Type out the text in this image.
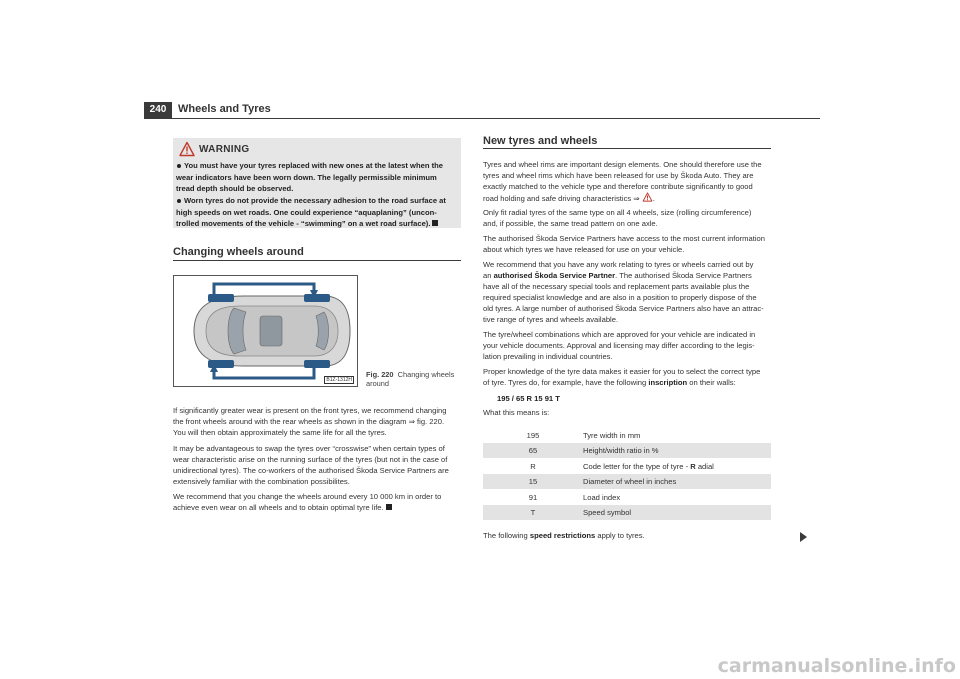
240	Wheels and Tyres
WARNING
You must have your tyres replaced with new ones at the latest when the
wear indicators have been worn down. The legally permissible minimum
tread depth should be observed.
Worn tyres do not provide the necessary adhesion to the road surface at
high speeds on wet roads. One could experience “aquaplaning” (uncon-
trolled movements of the vehicle - “swimming” on a wet road surface).
Changing wheels around
B1Z-1312H
Fig. 220 Changing wheels
around
If significantly greater wear is present on the front tyres, we recommend changing
the front wheels around with the rear wheels as shown in the diagram ⇒ fig. 220.
You will then obtain approximately the same life for all the tyres.
It may be advantageous to swap the tyres over “crosswise” when certain types of
wear characteristic arise on the running surface of the tyres (but not in the case of
unidirectional tyres). The co-workers of the authorised Škoda Service Partners are
extensively familiar with the combination possibilites.
We recommend that you change the wheels around every 10 000 km in order to
achieve even wear on all wheels and to obtain optimal tyre life.
New tyres and wheels
Tyres and wheel rims are important design elements. One should therefore use the
tyres and wheel rims which have been released for use by Škoda Auto. They are
exactly matched to the vehicle type and therefore contribute significantly to good
road holding and safe driving characteristics ⇒ .
Only fit radial tyres of the same type on all 4 wheels, size (rolling circumference)
and, if possible, the same tread pattern on one axle.
The authorised Škoda Service Partners have access to the most current information
about which tyres we have released for use on your vehicle.
We recommend that you have any work relating to tyres or wheels carried out by
an authorised Škoda Service Partner. The authorised Škoda Service Partners
have all of the necessary special tools and replacement parts available plus the
required specialist knowledge and are also in a position to properly dispose of the
old tyres. A large number of authorised Škoda Service Partners also have an attrac-
tive range of tyres and wheels available.
The tyre/wheel combinations which are approved for your vehicle are indicated in
your vehicle documents. Approval and licensing may differ according to the legis-
lation prevailing in individual countries.
Proper knowledge of the tyre data makes it easier for you to select the correct type
of tyre. Tyres do, for example, have the following inscription on their walls:
195 / 65 R 15 91 T
What this means is:
195	Tyre width in mm
65	Height/width ratio in %
R	Code letter for the type of tyre - R adial
15	Diameter of wheel in inches
91	Load index
T	Speed symbol
The following speed restrictions apply to tyres.
carmanualsonline.info
